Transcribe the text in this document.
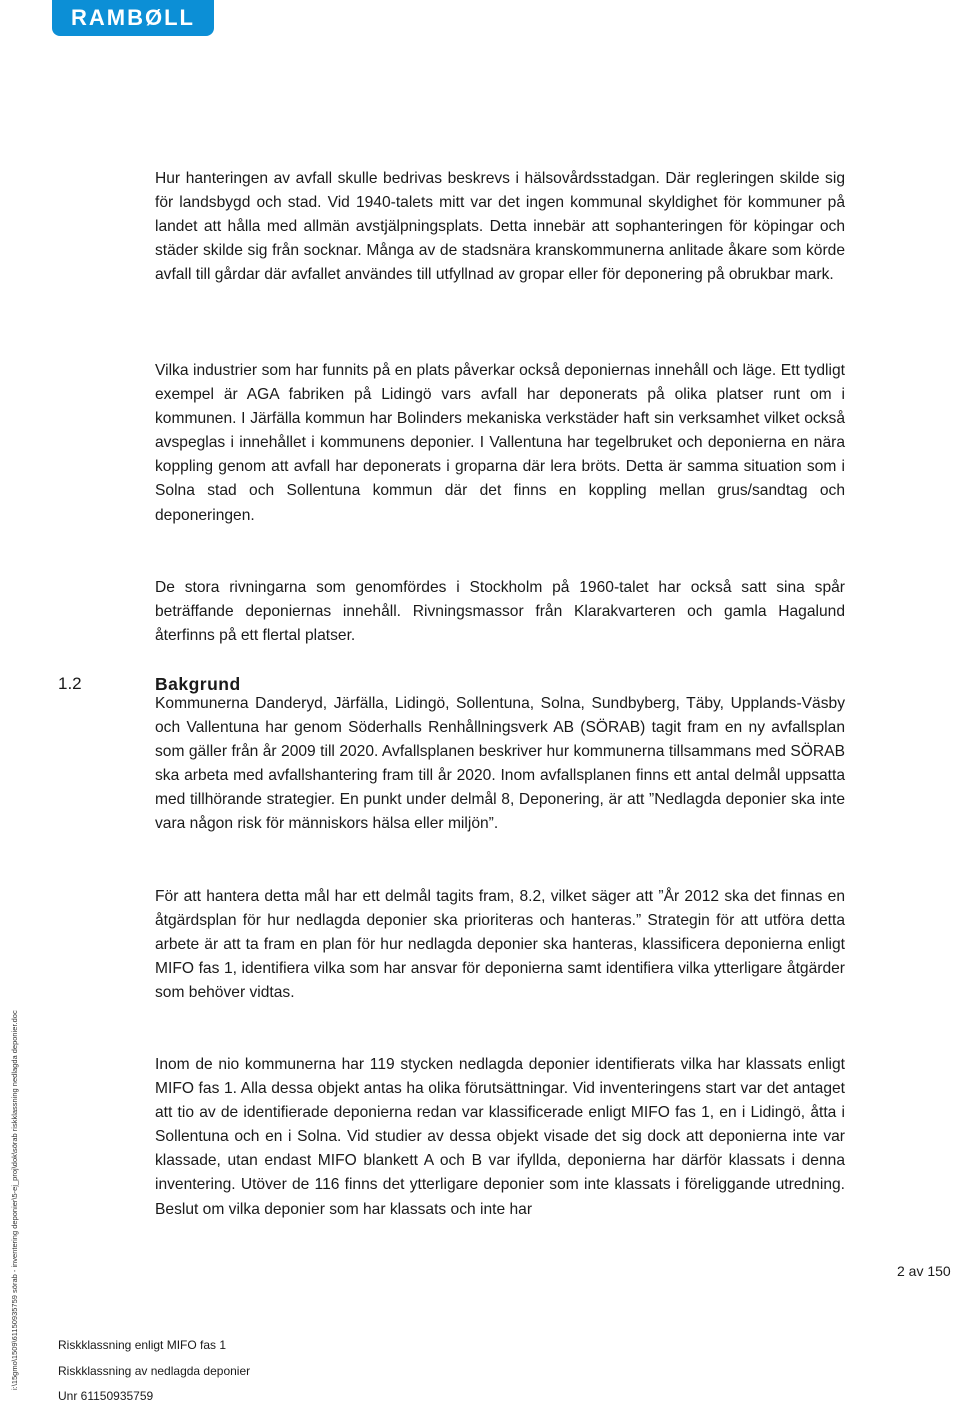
RAMBØLL

Hur hanteringen av avfall skulle bedrivas beskrevs i hälsovårdsstadgan. Där regleringen skilde sig för landsbygd och stad. Vid 1940-talets mitt var det ingen kommunal skyldighet för kommuner på landet att hålla med allmän avstjälpningsplats. Detta innebär att sophanteringen för köpingar och städer skilde sig från socknar. Många av de stadsnära kranskommunerna anlitade åkare som körde avfall till gårdar där avfallet användes till utfyllnad av gropar eller för deponering på obrukbar mark.

Vilka industrier som har funnits på en plats påverkar också deponiernas innehåll och läge. Ett tydligt exempel är AGA fabriken på Lidingö vars avfall har deponerats på olika platser runt om i kommunen. I Järfälla kommun har Bolinders mekaniska verkstäder haft sin verksamhet vilket också avspeglas i innehållet i kommunens deponier. I Vallentuna har tegelbruket och deponierna en nära koppling genom att avfall har deponerats i groparna där lera bröts. Detta är samma situation som i Solna stad och Sollentuna kommun där det finns en koppling mellan grus/sandtag och deponeringen.

De stora rivningarna som genomfördes i Stockholm på 1960-talet har också satt sina spår beträffande deponiernas innehåll. Rivningsmassor från Klarakvarteren och gamla Hagalund återfinns på ett flertal platser.

1.2	Bakgrund

Kommunerna Danderyd, Järfälla, Lidingö, Sollentuna, Solna, Sundbyberg, Täby, Upplands-Väsby och Vallentuna har genom Söderhalls Renhållningsverk AB (SÖRAB) tagit fram en ny avfallsplan som gäller från år 2009 till 2020. Avfallsplanen beskriver hur kommunerna tillsammans med SÖRAB ska arbeta med avfallshantering fram till år 2020. Inom avfallsplanen finns ett antal delmål uppsatta med tillhörande strategier. En punkt under delmål 8, Deponering, är att ”Nedlagda deponier ska inte vara någon risk för människors hälsa eller miljön”.

För att hantera detta mål har ett delmål tagits fram, 8.2, vilket säger att ”År 2012 ska det finnas en åtgärdsplan för hur nedlagda deponier ska prioriteras och hanteras.” Strategin för att utföra detta arbete är att ta fram en plan för hur nedlagda deponier ska hanteras, klassificera deponierna enligt MIFO fas 1, identifiera vilka som har ansvar för deponierna samt identifiera vilka ytterligare åtgärder som behöver vidtas.

Inom de nio kommunerna har 119 stycken nedlagda deponier identifierats vilka har klassats enligt MIFO fas 1. Alla dessa objekt antas ha olika förutsättningar. Vid inventeringens start var det antaget att tio av de identifierade deponierna redan var klassificerade enligt MIFO fas 1, en i Lidingö, åtta i Sollentuna och en i Solna. Vid studier av dessa objekt visade det sig dock att deponierna inte var klassade, utan endast MIFO blankett A och B var ifyllda, deponierna har därför klassats i denna inventering. Utöver de 116 finns det ytterligare deponier som inte klassats i föreliggande utredning. Beslut om vilka deponier som har klassats och inte har

2 av 150
Riskklassning enligt MIFO fas 1
Riskklassning av nedlagda deponier
Unr 61150935759
i:\15gmo\1509\61150935759 sörab - inventering deponier\5-ej_proj\dok\sörab riskklassning nedlagda deponier.doc
